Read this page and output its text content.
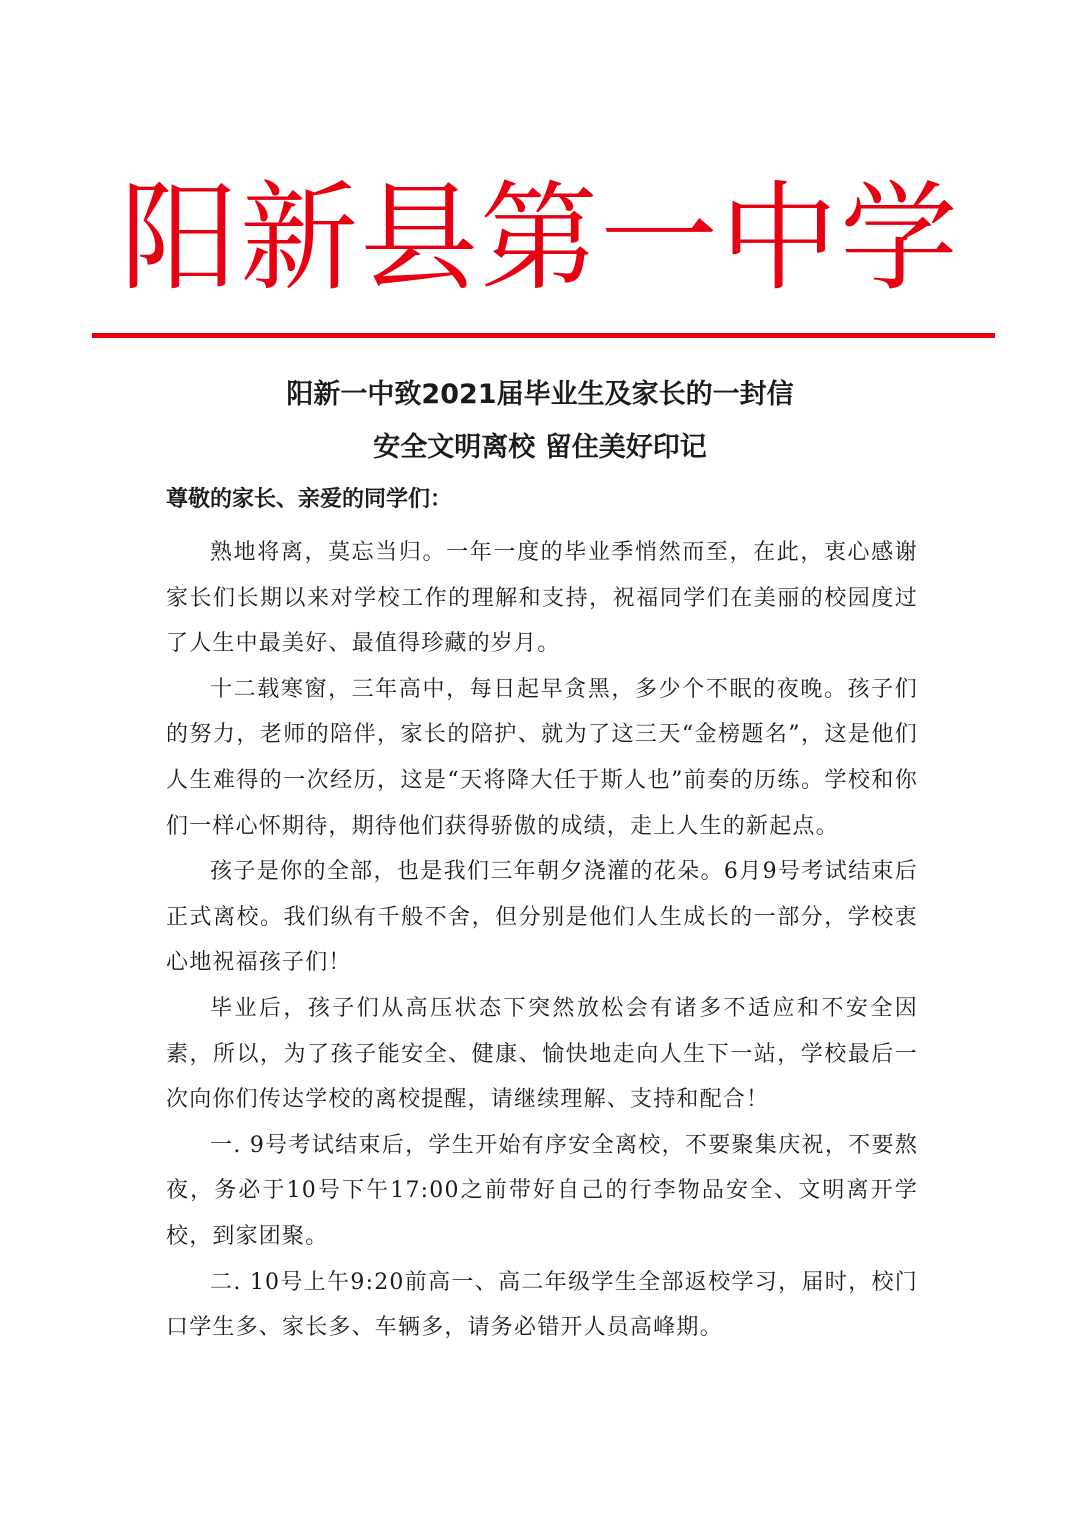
阳新县第一中学
阳新一中致2021届毕业生及家长的一封信
安全文明离校 留住美好印记
尊敬的家长、亲爱的同学们：

熟地将离，莫忘当归。一年一度的毕业季悄然而至，在此，衷心感谢家长们长期以来对学校工作的理解和支持，祝福同学们在美丽的校园度过了人生中最美好、最值得珍藏的岁月。

十二载寒窗，三年高中，每日起早贪黑，多少个不眠的夜晚。孩子们的努力，老师的陪伴，家长的陪护、就为了这三天“金榜题名”，这是他们人生难得的一次经历，这是“天将降大任于斯人也”前奏的历练。学校和你们一样心怀期待，期待他们获得骄傲的成绩，走上人生的新起点。

孩子是你的全部，也是我们三年朝夕浇灌的花朵。6月9号考试结束后正式离校。我们纵有千般不舍，但分别是他们人生成长的一部分，学校衷心地祝福孩子们！

毕业后，孩子们从高压状态下突然放松会有诸多不适应和不安全因素，所以，为了孩子能安全、健康、愉快地走向人生下一站，学校最后一次向你们传达学校的离校提醒，请继续理解、支持和配合！

一. 9号考试结束后，学生开始有序安全离校，不要聚集庆祝，不要熬夜，务必于10号下午17:00之前带好自己的行李物品安全、文明离开学校，到家团聚。

二. 10号上午9:20前高一、高二年级学生全部返校学习，届时，校门口学生多、家长多、车辆多，请务必错开人员高峰期。
